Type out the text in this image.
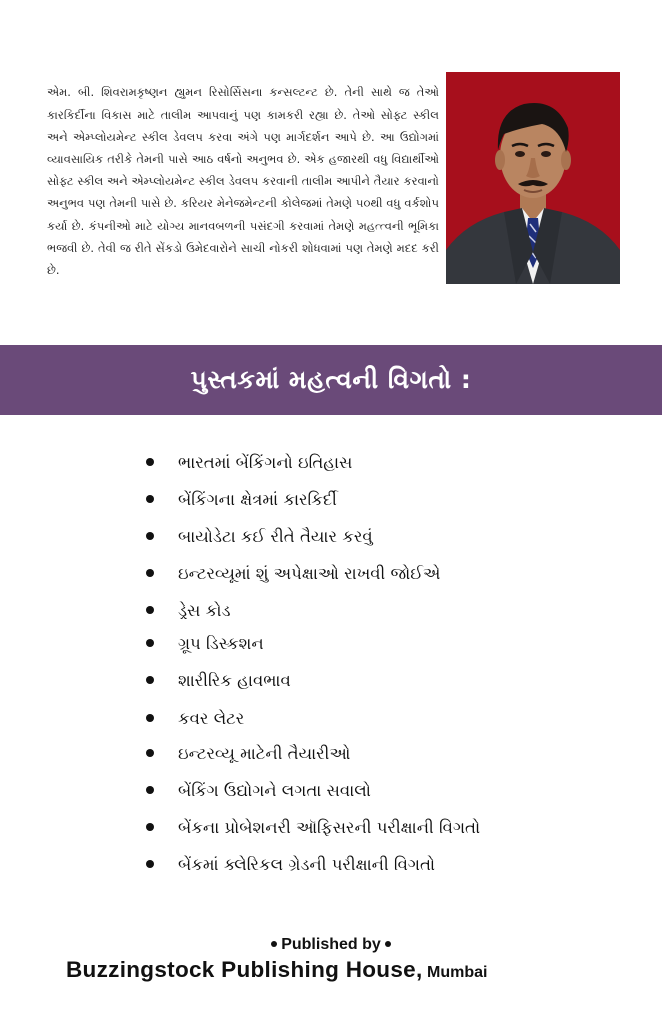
એમ. બી. શિવરામકૃષ્ણન હ્યુમન રિસોર્સિસના કન્સલ્ટન્ટ છે. તેની સાથે જ તેઓ કારકિર્દીના વિકાસ માટે તાલીમ આપવાનું પણ કામકરી રહ્યા છે. તેઓ સોફ્ટ સ્કીલ અને એમ્પ્લોયમેન્ટ સ્કીલ ડેવલપ કરવા અંગે પણ માર્ગદર્શન આપે છે. આ ઉદ્યોગમાં વ્યાવસાયિક તરીકે તેમની પાસે આઠ વર્ષનો અનુભવ છે. એક હજારથી વધુ વિદ્યાર્થીઓ સોફ્ટ સ્કીલ અને એમ્પ્લોયમેન્ટ સ્કીલ ડેવલપ કરવાની તાલીમ આપીને તૈયાર કરવાનો અનુભવ પણ તેમની પાસે છે. કરિયર મેનેજમેન્ટની કોલેજમાં તેમણે ૫૦થી વધુ વર્કશોપ કર્યા છે. કંપનીઓ માટે યોગ્ય માનવબળની પસંદગી કરવામાં તેમણે મહત્ત્વની ભૂમિકા ભજવી છે. તેવી જ રીતે સેંકડો ઉમેદવારોને સાચી નોકરી શોધવામાં પણ તેમણે મદદ કરી છે.

પુસ્તકમાં મહત્વની વિગતો :
ભારતમાં બેંકિંગનો ઇતિહાસ
બેંકિંગના ક્ષેત્રમાં કારકિર્દી
બાયોડેટા કઈ રીતે તૈયાર કરવું
ઇન્ટરવ્યૂમાં શું અપેક્ષાઓ રાખવી જોઈએ
ડ્રેસ કોડ
ગ્રૂપ ડિસ્કશન
શારીરિક હાવભાવ
કવર લેટર
ઇન્ટરવ્યૂ માટેની તૈયારીઓ
બેંકિંગ ઉદ્યોગને લગતા સવાલો
બેંકના પ્રોબેશનરી ઑફિસરની પરીક્ષાની વિગતો
બેંકમાં ક્લેરિકલ ગ્રેડની પરીક્ષાની વિગતો
Published by
Buzzingstock Publishing House, Mumbai
